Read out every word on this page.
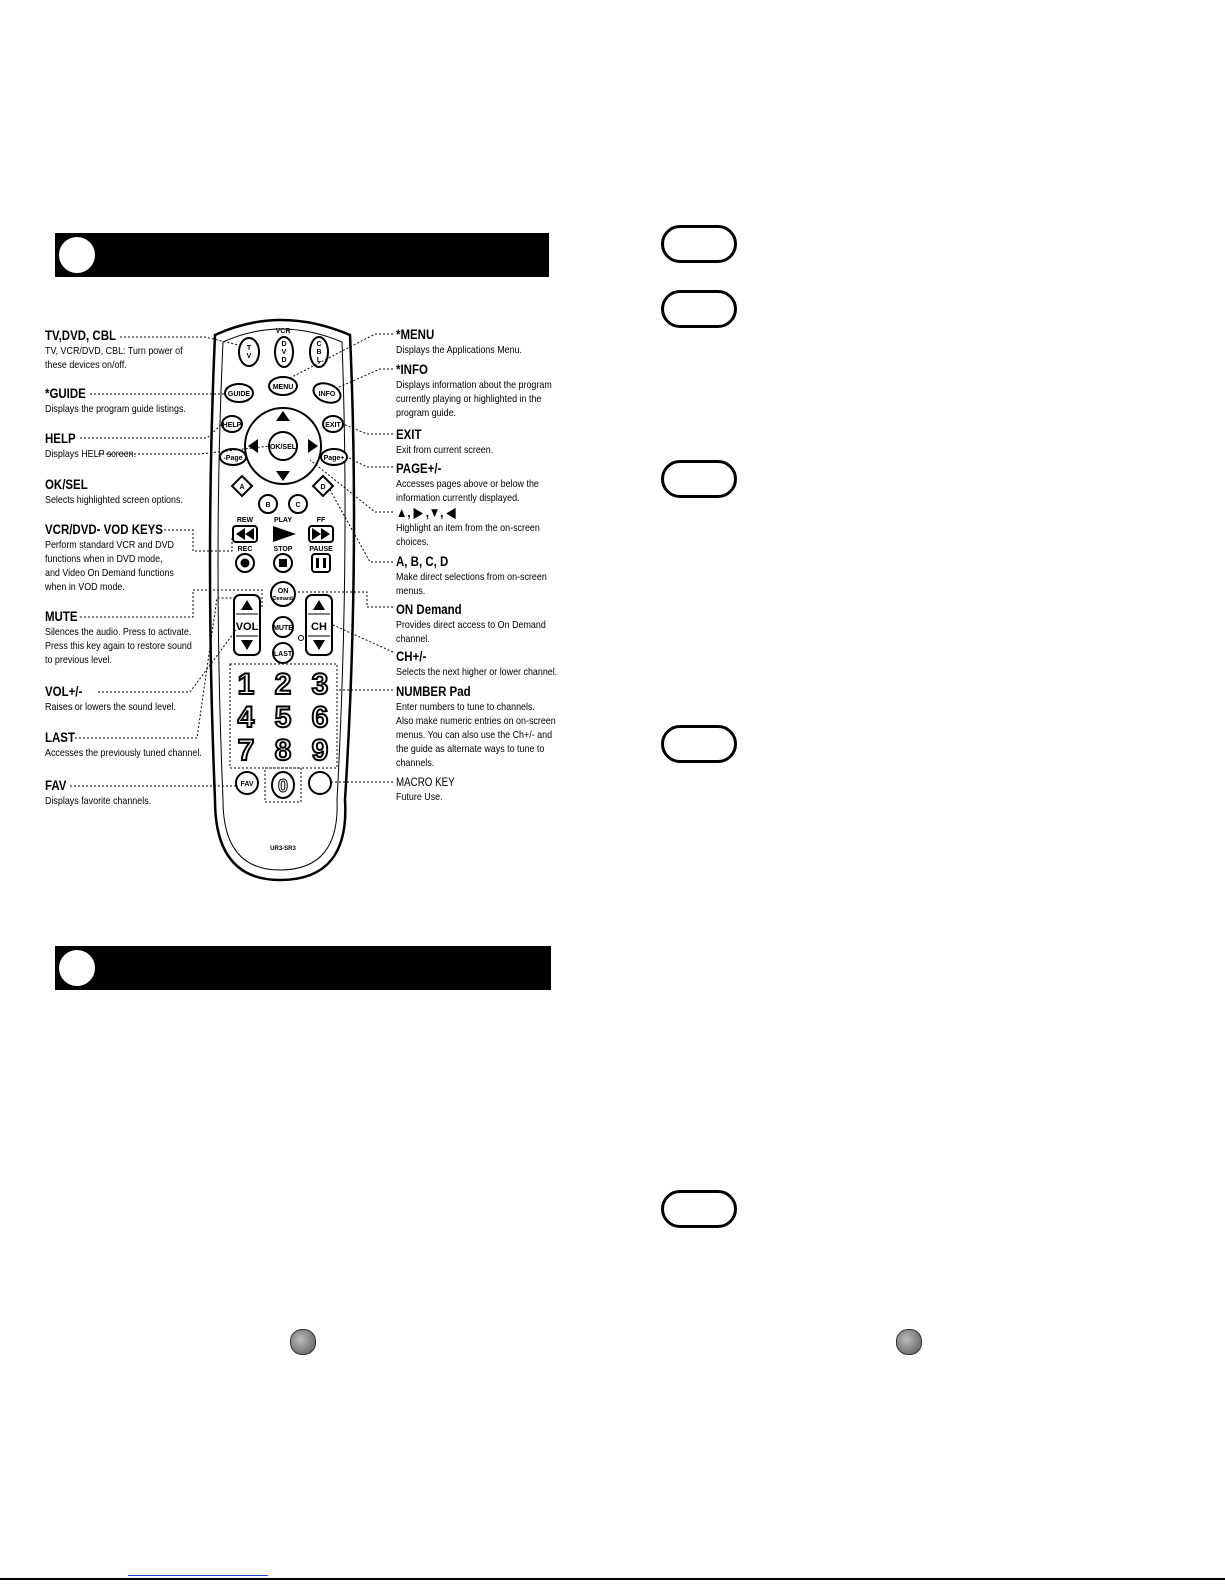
T
V
VCR
D
V
D
C
B
L
MENU
GUIDE	INFO
HELP	EXIT
OK/SEL
-Page	Page+
A
B	C
D
REW	PLAY	FF
REC	STOP PAUSE
ON
Demand
MUTE
LAST
VOL	CH
1 2 3
4 5 6
7 8 9
0
FAV
UR3-SR3
TV,DVD, CBL
TV, VCR/DVD, CBL: Turn power of
these devices on/off.
*GUIDE
Displays the program guide listings.
HELP
Displays HELP screen.
OK/SEL
Selects highlighted screen options.
VCR/DVD- VOD KEYS
Perform standard VCR and DVD
functions when in DVD mode,
and Video On Demand functions
when in VOD mode.
MUTE
Silences the audio. Press to activate.
Press this key again to restore sound
to previous level.
VOL+/-
Raises or lowers the sound level.
LAST
Accesses the previously tuned channel.
FAV
Displays favorite channels.
*MENU
Displays the Applications Menu.
*INFO
Displays information about the program
currently playing or highlighted in the
program guide.
EXIT
Exit from current screen.
PAGE+/-
Accesses pages above or below the
information currently displayed.
▲, ▶ ,▼, ◀
Highlight an item from the on-screen
choices.
A, B, C, D
Make direct selections from on-screen
menus.
ON Demand
Provides direct access to On Demand
channel.
CH+/-
Selects the next higher or lower channel.
NUMBER Pad
Enter numbers to tune to channels.
Also make numeric entries on on-screen
menus. You can also use the Ch+/- and
the guide as alternate ways to tune to
channels.
MACRO KEY
Future Use.
